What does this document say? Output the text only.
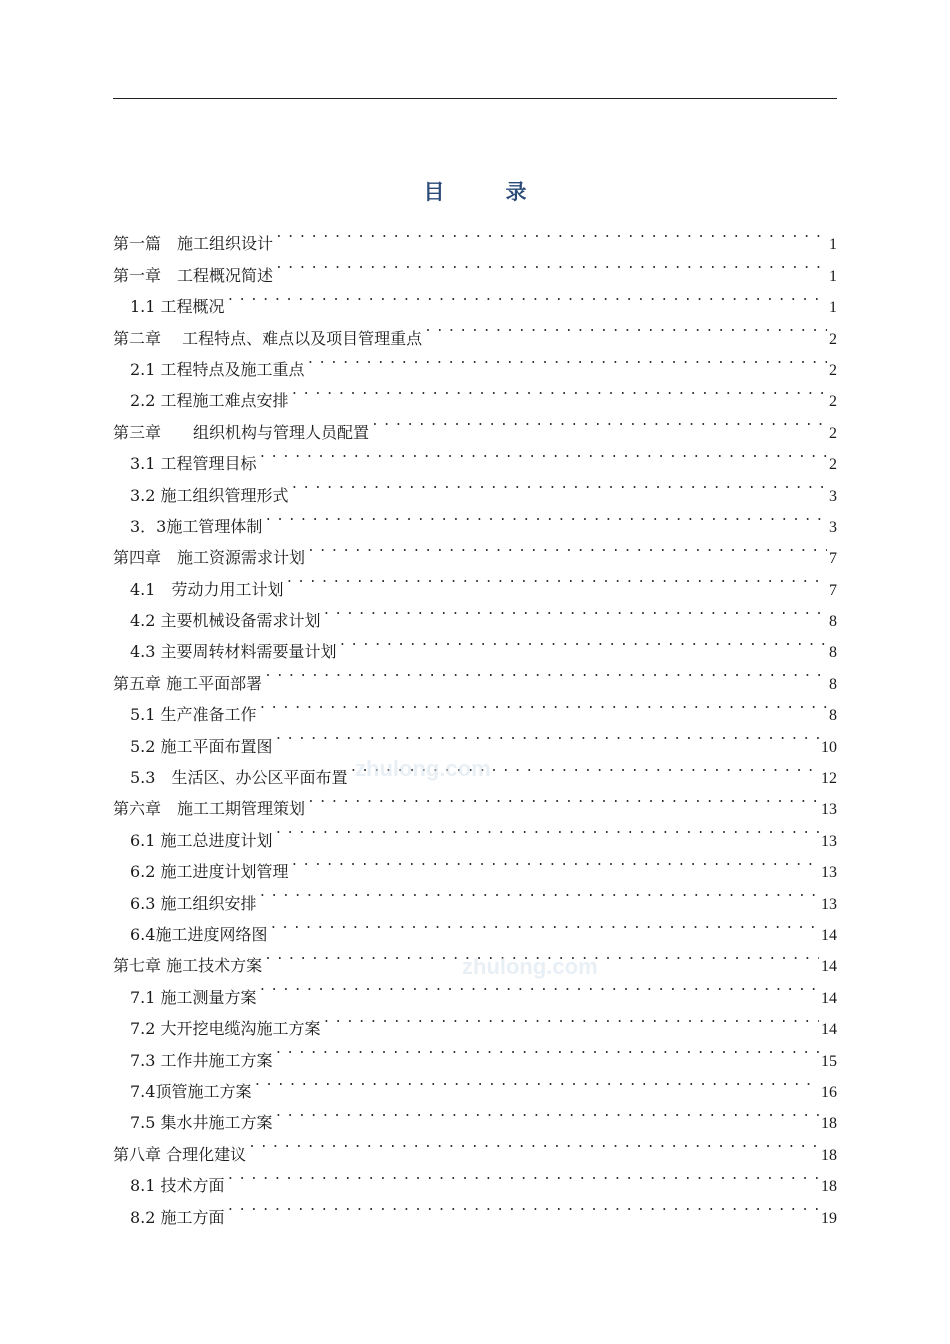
目　录
第一篇　施工组织设计 .....	1
第一章　工程概况简述 .....	1
1.1 工程概况 .....	1
第二章　 工程特点、难点以及项目管理重点 .....	2
2.1 工程特点及施工重点 .....	2
2.2 工程施工难点安排 .....	2
第三章　　组织机构与管理人员配置 .....	2
3.1 工程管理目标 .....	2
3.2 施工组织管理形式 .....	3
3．3施工管理体制 .....	3
第四章　施工资源需求计划 .....	7
4.1　劳动力用工计划 .....	7
4.2 主要机械设备需求计划 .....	8
4.3 主要周转材料需要量计划 .....	8
第五章 施工平面部署 .....	8
5.1 生产准备工作 .....	8
5.2 施工平面布置图 .....	10
5.3　生活区、办公区平面布置 .....	12
第六章　施工工期管理策划 .....	13
6.1 施工总进度计划 .....	13
6.2 施工进度计划管理 .....	13
6.3 施工组织安排 .....	13
6.4施工进度网络图 .....	14
第七章 施工技术方案 .....	14
7.1 施工测量方案 .....	14
7.2 大开挖电缆沟施工方案 .....	14
7.3 工作井施工方案 .....	15
7.4顶管施工方案 .....	16
7.5 集水井施工方案 .....	18
第八章 合理化建议 .....	18
8.1 技术方面 .....	18
8.2 施工方面 .....	19
zhulong.com
zhulong.com
